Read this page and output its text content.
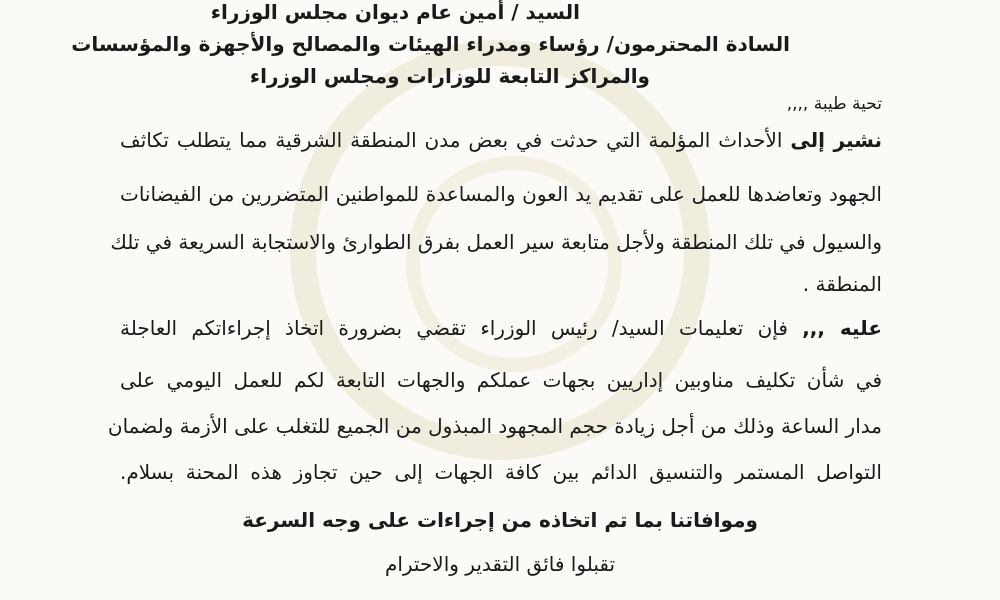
السيد / أمين عام ديوان مجلس الوزراء
السادة المحترمون/ رؤساء ومدراء الهيئات والمصالح والأجهزة والمؤسسات
والمراكز التابعة للوزارات ومجلس الوزراء
تحية طيبة ,,,,
نشير إلى الأحداث المؤلمة التي حدثت في بعض مدن المنطقة الشرقية مما يتطلب تكاثف
الجهود وتعاضدها للعمل على تقديم يد العون والمساعدة للمواطنين المتضررين من الفيضانات
والسيول في تلك المنطقة ولأجل متابعة سير العمل بفرق الطوارئ والاستجابة السريعة في تلك
المنطقة .
عليه ,,, فإن تعليمات السيد/ رئيس الوزراء تقضي بضرورة اتخاذ إجراءاتكم العاجلة
في شأن تكليف مناوبين إداريين بجهات عملكم والجهات التابعة لكم للعمل اليومي على
مدار الساعة وذلك من أجل زيادة حجم المجهود المبذول من الجميع للتغلب على الأزمة ولضمان
التواصل المستمر والتنسيق الدائم بين كافة الجهات إلى حين تجاوز هذه المحنة بسلام.
وموافاتنا بما تم اتخاذه من إجراءات على وجه السرعة
تقبلوا فائق التقدير والاحترام
